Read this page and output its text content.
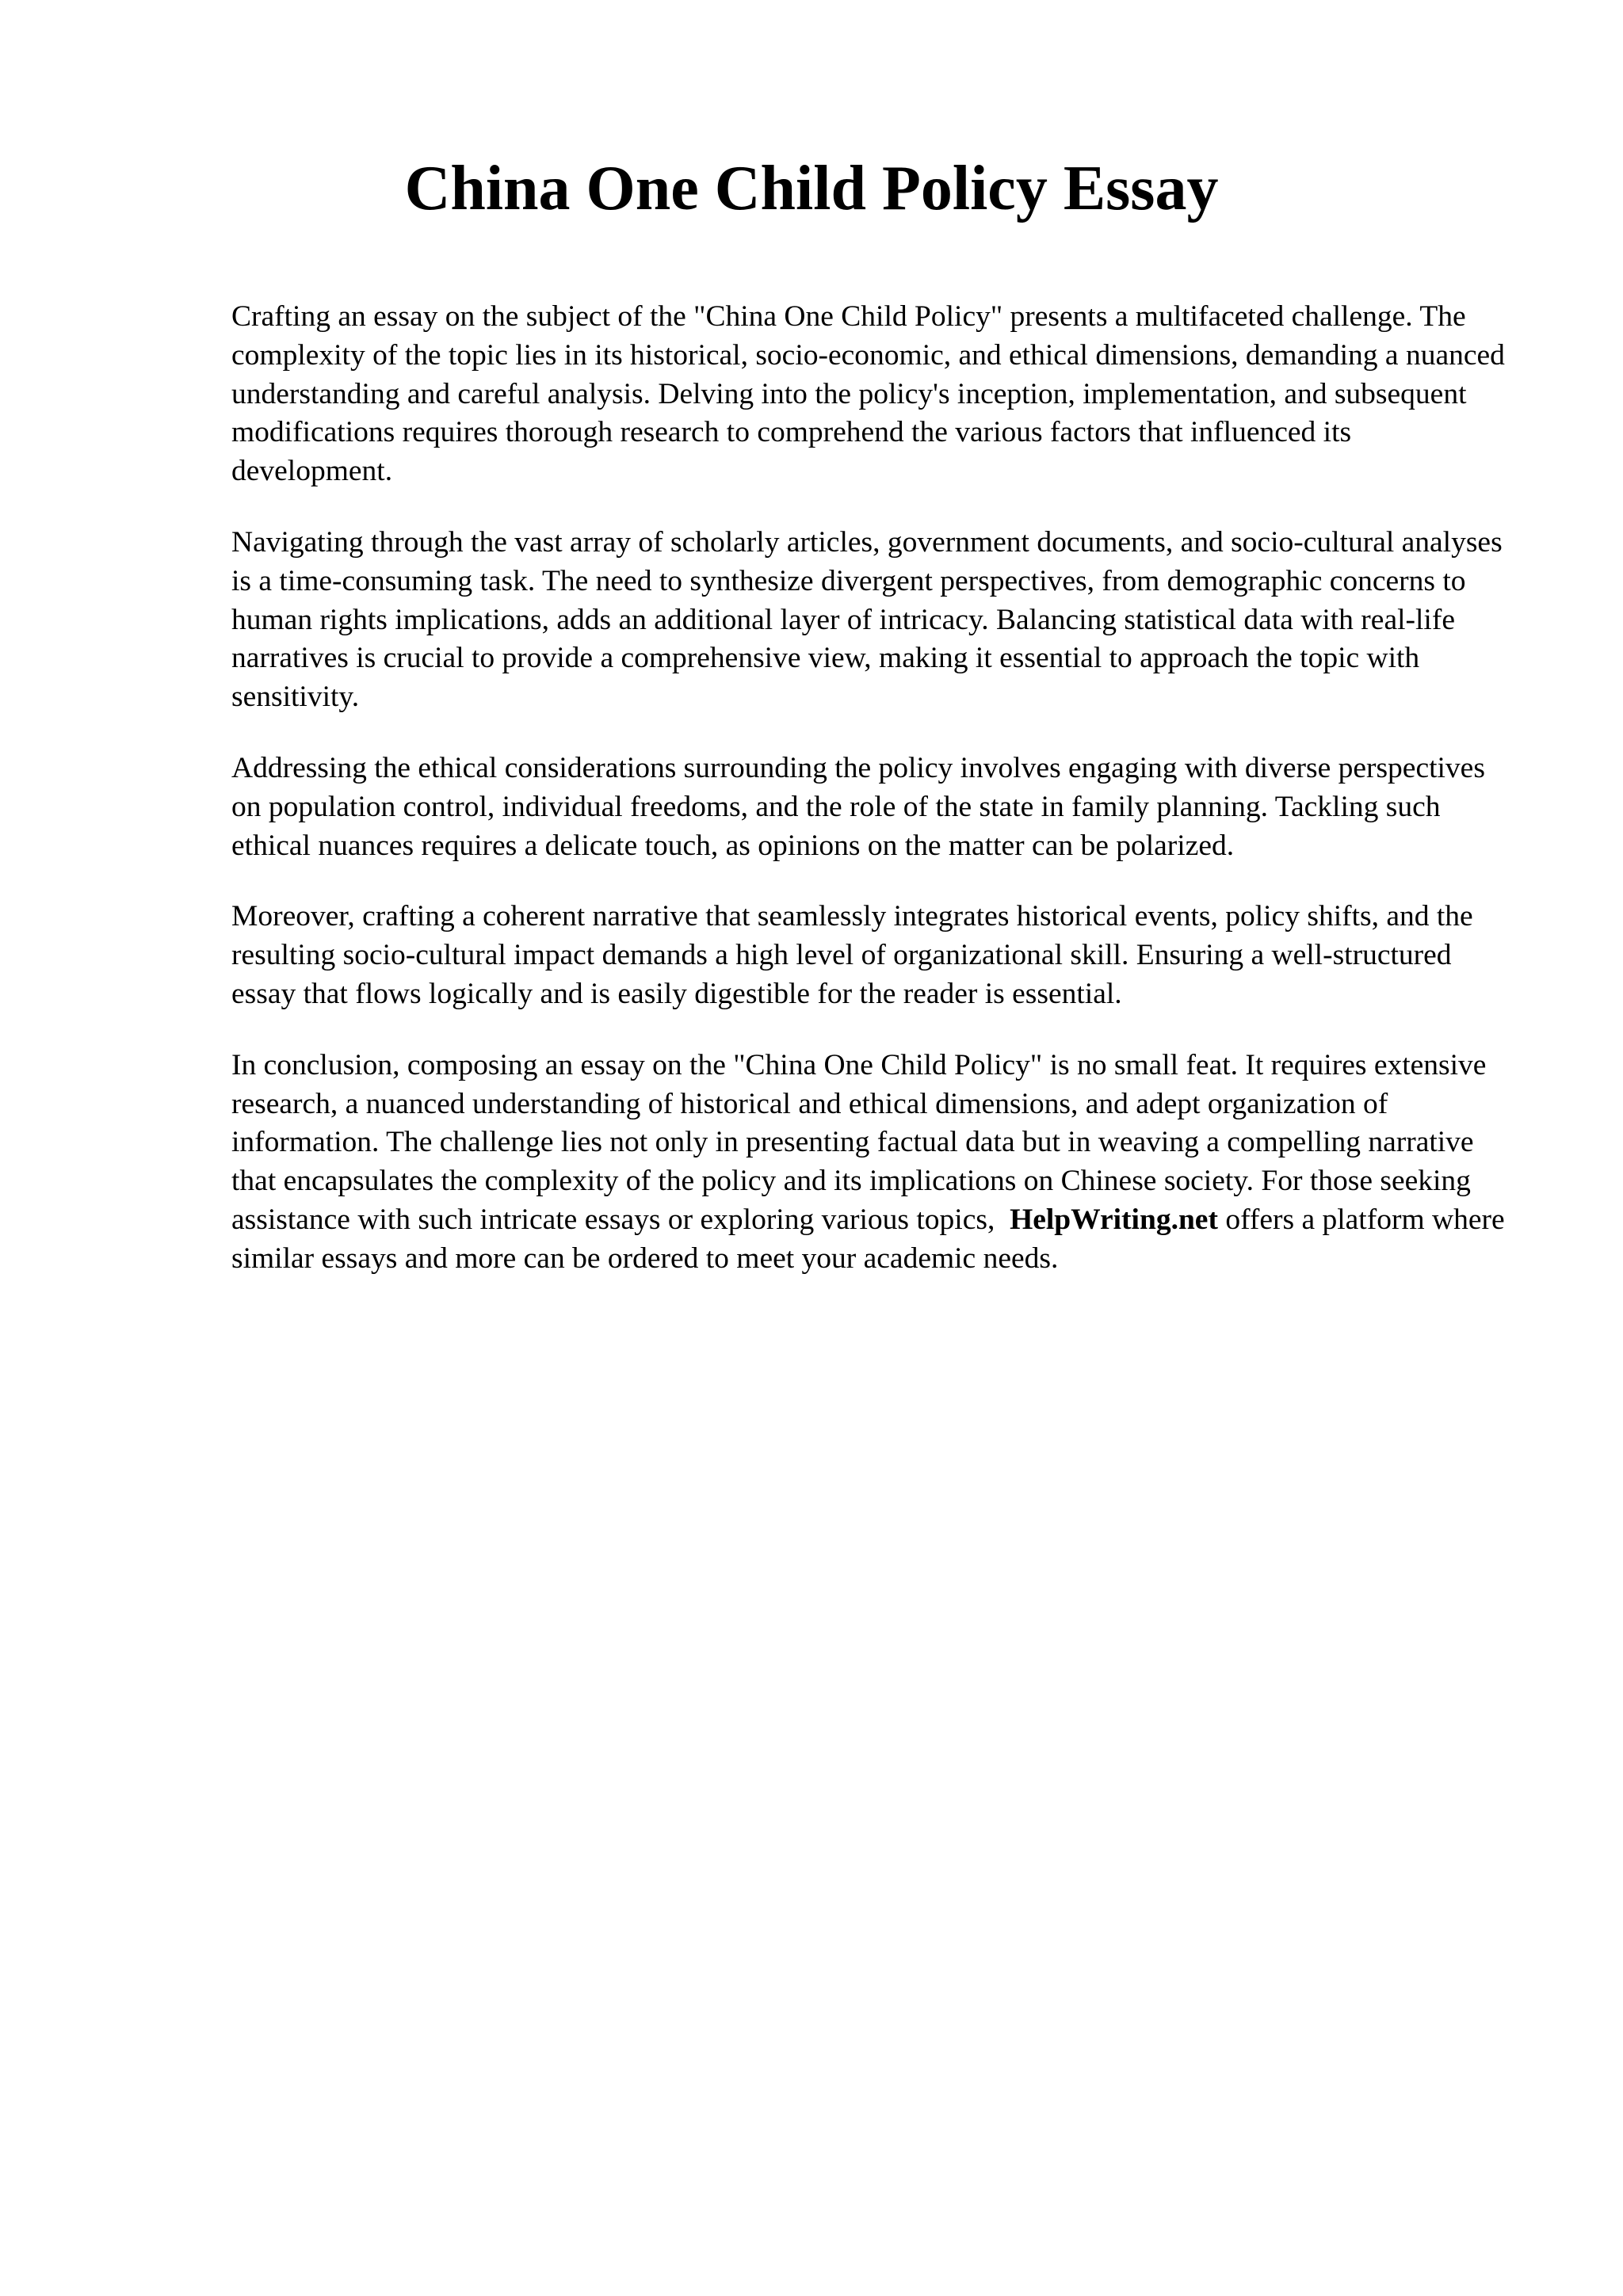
China One Child Policy Essay

Crafting an essay on the subject of the "China One Child Policy" presents a multifaceted challenge. The complexity of the topic lies in its historical, socio-economic, and ethical dimensions, demanding a nuanced understanding and careful analysis. Delving into the policy's inception, implementation, and subsequent modifications requires thorough research to comprehend the various factors that influenced its development.

Navigating through the vast array of scholarly articles, government documents, and socio-cultural analyses is a time-consuming task. The need to synthesize divergent perspectives, from demographic concerns to human rights implications, adds an additional layer of intricacy. Balancing statistical data with real-life narratives is crucial to provide a comprehensive view, making it essential to approach the topic with sensitivity.

Addressing the ethical considerations surrounding the policy involves engaging with diverse perspectives on population control, individual freedoms, and the role of the state in family planning. Tackling such ethical nuances requires a delicate touch, as opinions on the matter can be polarized.

Moreover, crafting a coherent narrative that seamlessly integrates historical events, policy shifts, and the resulting socio-cultural impact demands a high level of organizational skill. Ensuring a well-structured essay that flows logically and is easily digestible for the reader is essential.

In conclusion, composing an essay on the "China One Child Policy" is no small feat. It requires extensive research, a nuanced understanding of historical and ethical dimensions, and adept organization of information. The challenge lies not only in presenting factual data but in weaving a compelling narrative that encapsulates the complexity of the policy and its implications on Chinese society. For those seeking assistance with such intricate essays or exploring various topics, HelpWriting.net offers a platform where similar essays and more can be ordered to meet your academic needs.
